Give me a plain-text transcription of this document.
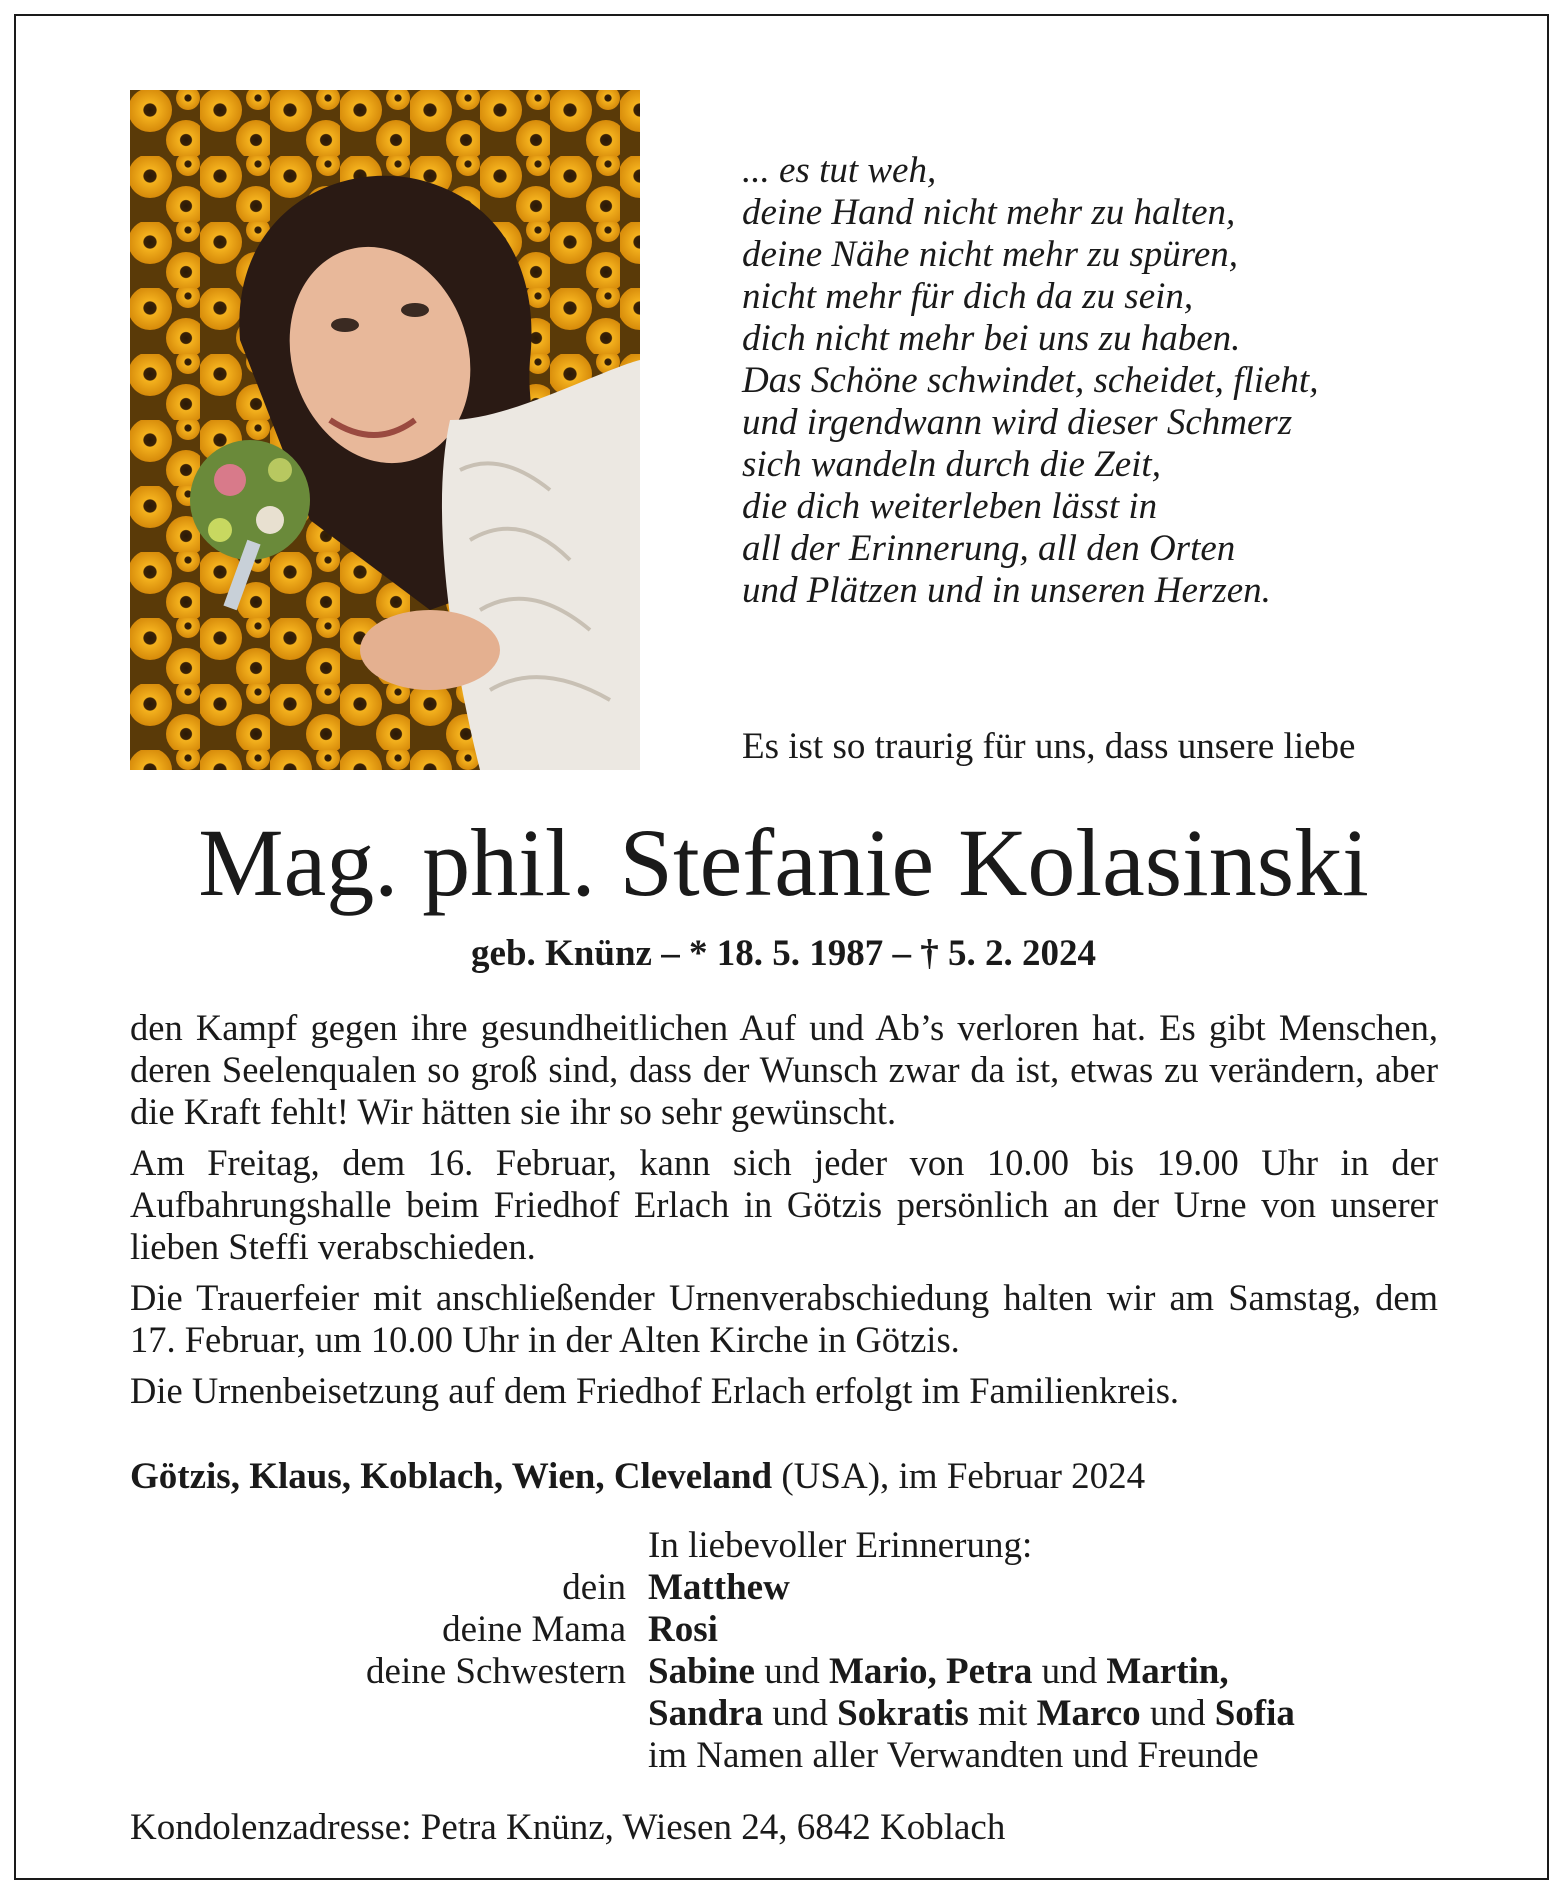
... es tut weh,
deine Hand nicht mehr zu halten,
deine Nähe nicht mehr zu spüren,
nicht mehr für dich da zu sein,
dich nicht mehr bei uns zu haben.
Das Schöne schwindet, scheidet, flieht,
und irgendwann wird dieser Schmerz
sich wandeln durch die Zeit,
die dich weiterleben lässt in
all der Erinnerung, all den Orten
und Plätzen und in unseren Herzen.
Es ist so traurig für uns, dass unsere liebe
Mag. phil. Stefanie Kolasinski
geb. Knünz – * 18. 5. 1987 – † 5. 2. 2024

den Kampf gegen ihre gesundheitlichen Auf und Ab’s verloren hat. Es gibt Menschen, deren Seelenqualen so groß sind, dass der Wunsch zwar da ist, etwas zu verändern, aber die Kraft fehlt! Wir hätten sie ihr so sehr gewünscht.

Am Freitag, dem 16. Februar, kann sich jeder von 10.00 bis 19.00 Uhr in der Aufbahrungshalle beim Friedhof Erlach in Götzis persönlich an der Urne von unserer lieben Steffi verabschieden.

Die Trauerfeier mit anschließender Urnenverabschiedung halten wir am Samstag, dem 17. Februar, um 10.00 Uhr in der Alten Kirche in Götzis.

Die Urnenbeisetzung auf dem Friedhof Erlach erfolgt im Familienkreis.

Götzis, Klaus, Koblach, Wien, Cleveland (USA), im Februar 2024
In liebevoller Erinnerung:
dein Matthew
deine Mama Rosi
deine Schwestern Sabine und Mario, Petra und Martin,
Sandra und Sokratis mit Marco und Sofia
im Namen aller Verwandten und Freunde
Kondolenzadresse: Petra Knünz, Wiesen 24, 6842 Koblach
